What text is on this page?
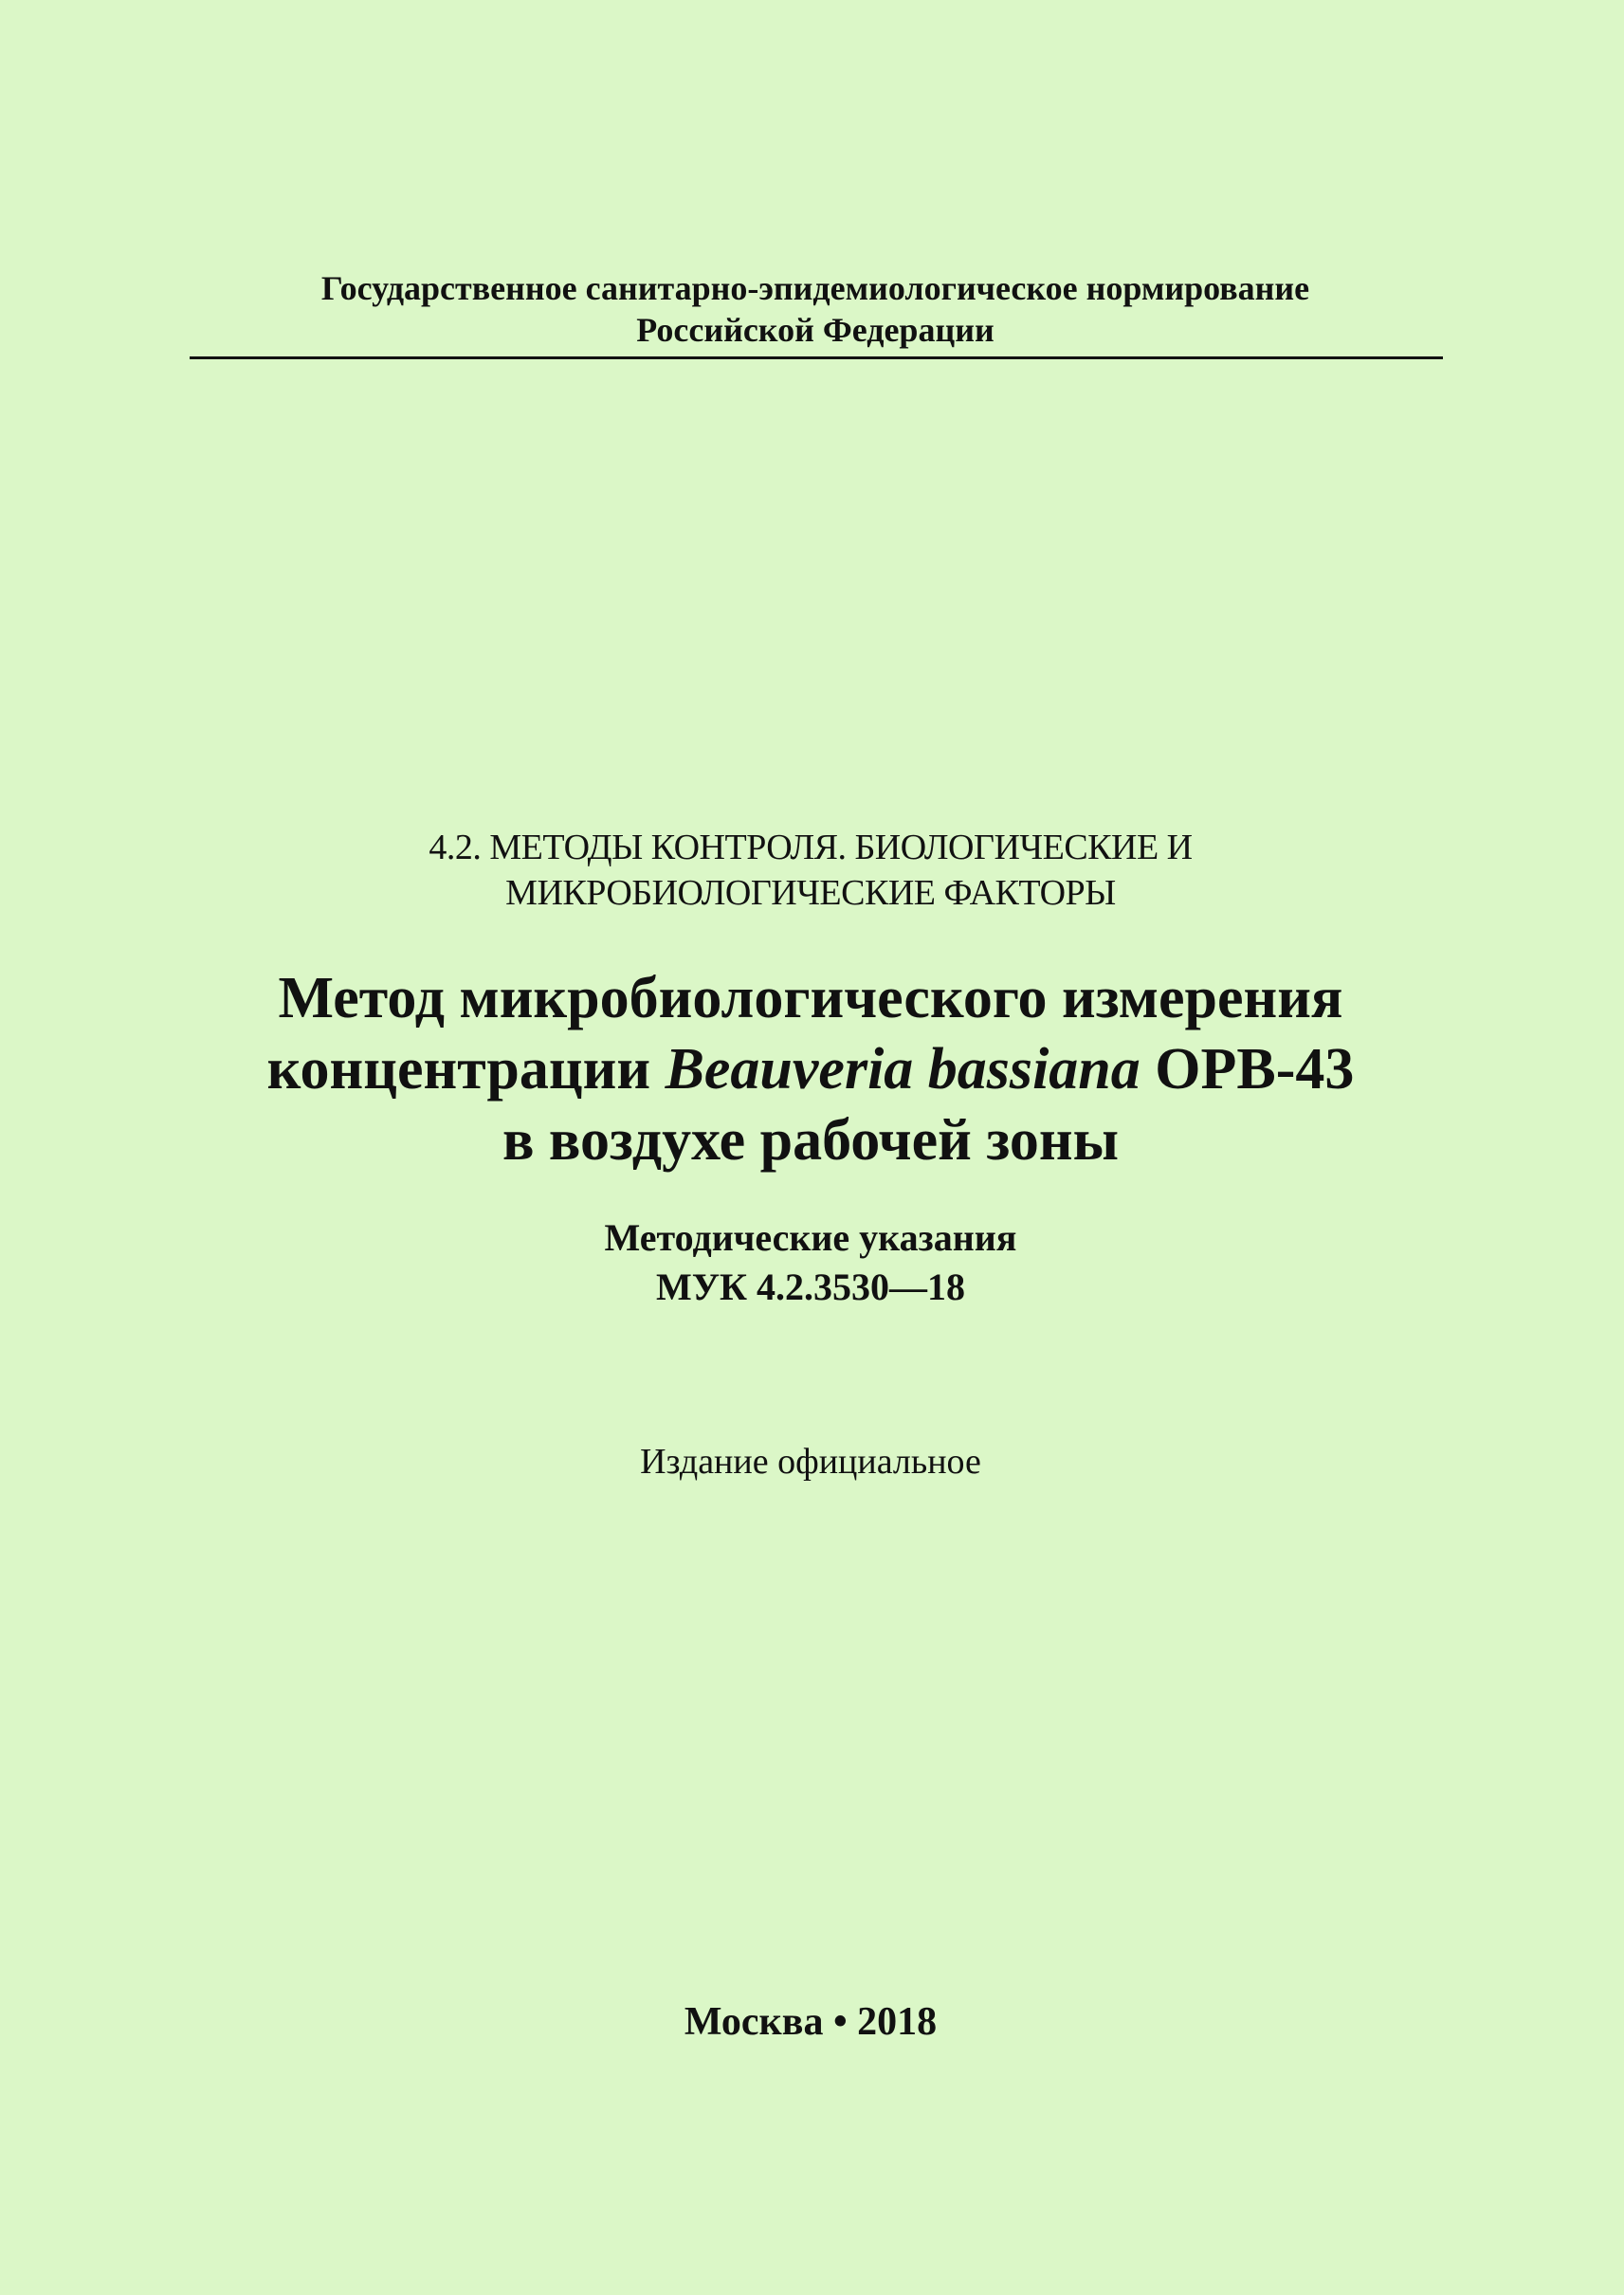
Государственное санитарно-эпидемиологическое нормирование
Российской Федерации
4.2. МЕТОДЫ КОНТРОЛЯ. БИОЛОГИЧЕСКИЕ И
МИКРОБИОЛОГИЧЕСКИЕ ФАКТОРЫ
Метод микробиологического измерения
концентрации Beauveria bassiana ОРВ-43
в воздухе рабочей зоны
Методические указания
МУК 4.2.3530—18
Издание официальное
Москва • 2018
